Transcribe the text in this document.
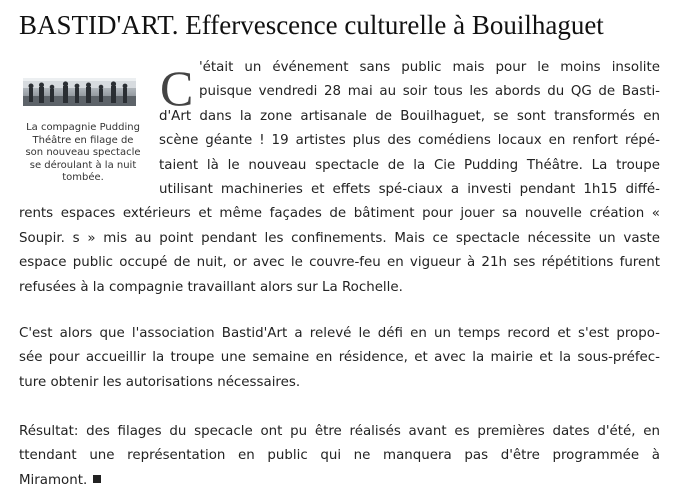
BASTID'ART. Effervescence culturelle à Bouilhaguet
La compagnie Pudding
Théâtre en filage de
son nouveau spectacle
se déroulant à la nuit
tombée.
C 'était un événement sans public mais pour le moins insolite
puisque vendredi 28 mai au soir tous les abords du QG de Basti-
d'Art dans la zone artisanale de Bouilhaguet, se sont transformés en
scène géante ! 19 artistes plus des comédiens locaux en renfort répé-
taient là le nouveau spectacle de la Cie Pudding Théâtre. La troupe
utilisant machineries et effets spé-ciaux a investi pendant 1h15 diffé-
rents espaces extérieurs et même façades de bâtiment pour jouer sa nouvelle création «
Soupir. s » mis au point pendant les confinements. Mais ce spectacle nécessite un vaste
espace public occupé de nuit, or avec le couvre-feu en vigueur à 21h ses répétitions furent
refusées à la compagnie travaillant alors sur La Rochelle.
C'est alors que l'association Bastid'Art a relevé le défi en un temps record et s'est propo-
sée pour accueillir la troupe une semaine en résidence, et avec la mairie et la sous-préfec-
ture obtenir les autorisations nécessaires.
Résultat: des filages du specacle ont pu être réalisés avant es premières dates d'été, en
ttendant une représentation en public qui ne manquera pas d'être programmée à
Miramont.
